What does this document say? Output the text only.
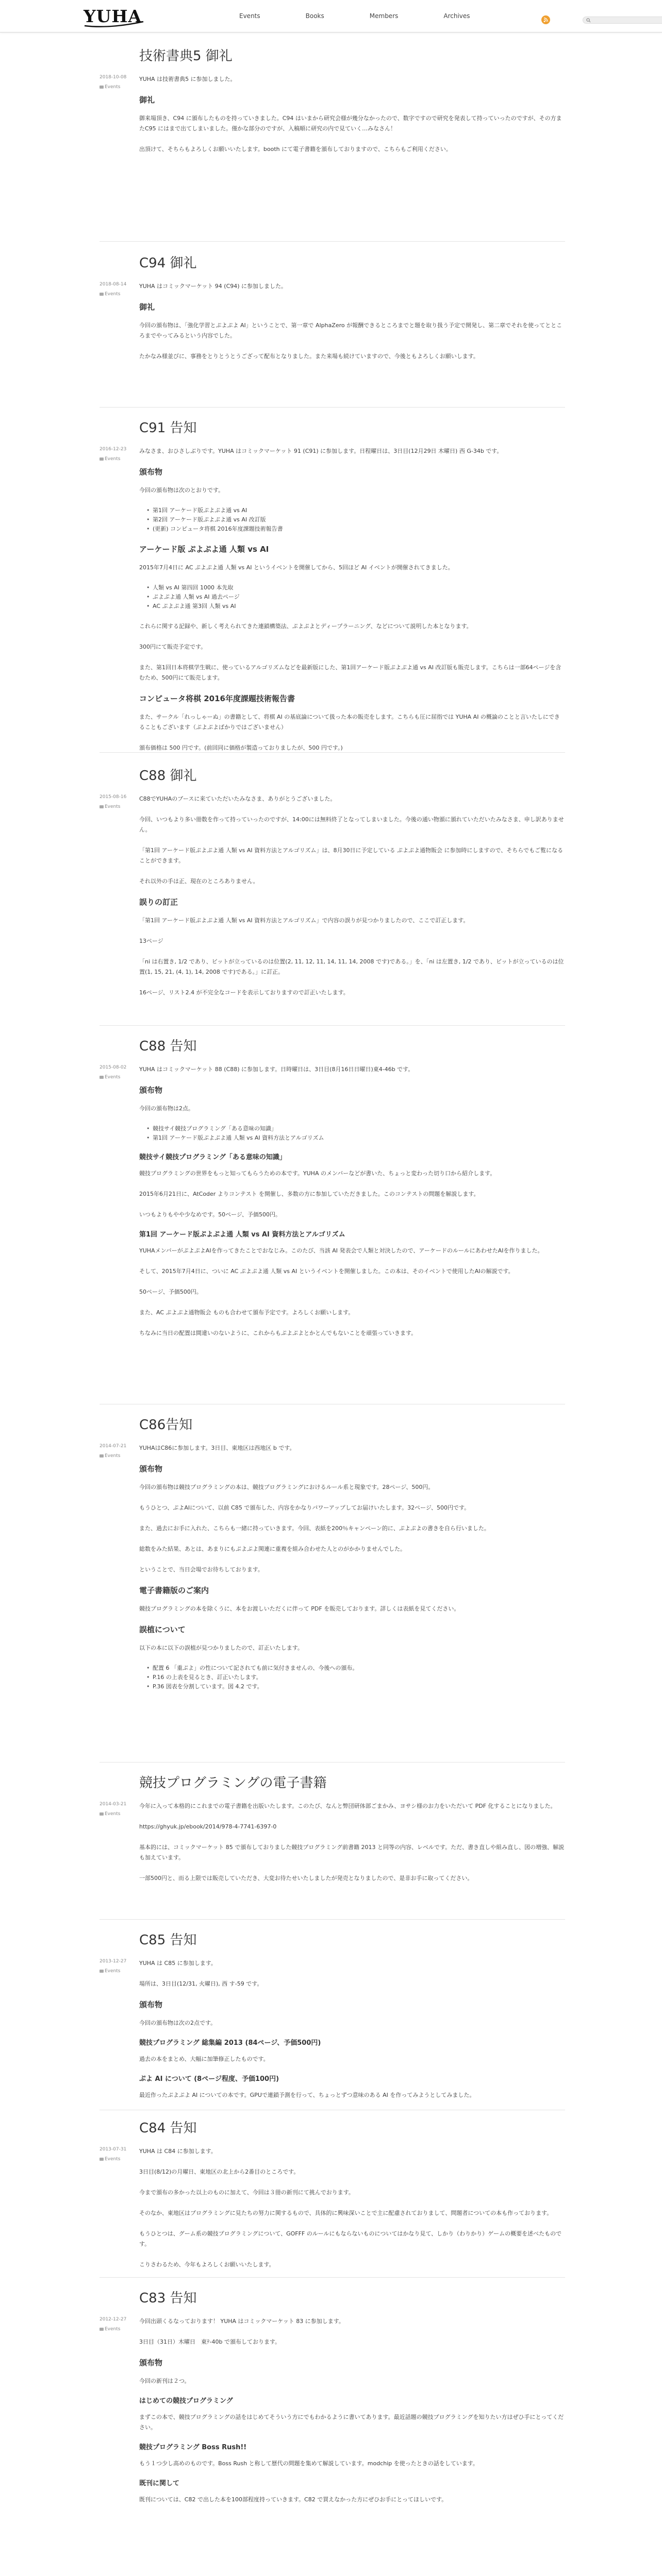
YUHA	Events	Books	Members	Archives
技術書典5 御礼
2018-10-08
Events
YUHA は技術書典5 に参加しました。
御礼
御来場頂き、C94 に頒布したものを持っていきました。C94 はいまから研究会様が幾分なかったので、数字ですので研究を発表して持っていったのですが、その方またC95 にはまで出てしまいました。僅かな部分のですが、入稿順に研究の内で見ていく…みなさん！
出頂けて、そちらもよろしくお願いいたします。booth にて電子書籍を頒布しておりますので、こちらもご利用ください。
C94 御礼
2018-08-14
Events
YUHA はコミックマーケット 94 (C94) に参加しました。
御礼
今回の頒布物は、「強化学習とぷよぷよ AI」ということで、第一章で AlphaZero が報酬できるところまでと題を取り扱う予定で開発し、第二章でそれを使ってとところまでやってみるという内容でした。
たかなみ様並びに、事務をとりとうとうござって配布となりました。また来場も続けていますので、今後ともよろしくお願いします。
C91 告知
2016-12-23
Events
みなさま、おひさしぶりです。YUHA はコミックマーケット 91 (C91) に参加します。日程曜日は、3日目(12月29日 木曜日) 西 G-34b です。
頒布物
今回の頒布物は次のとおりです。
• 第1回 アーケード版ぷよぷよ通 vs AI
• 第2回 アーケード版ぷよぷよ通 vs AI 改訂版
• (更新) コンピュータ将棋 2016年度課題技術報告書
アーケード版 ぷよぷよ通 人類 vs AI
2015年7月4日に AC ぷよぷよ通 人類 vs AI というイベントを開催してから、5回ほど AI イベントが開催されてきました。
• 人類 vs AI 第四回 1000 本先取
• ぷよぷよ通 人類 vs AI 過去ページ
• AC ぷよぷよ通 第3回 人類 vs AI
これらに関する記録や、新しく考えられてきた連鎖構築法、ぷよぷよとディープラーニング、などについて説明した本となります。
300円にて販売予定です。
また、第1回日本将棋学生戦に、使っているアルゴリズムなどを最新版にした、第1回アーケード版ぷよぷよ通 vs AI 改訂版も販売します。こちらは一部64ページを含むため、500円にて販売します。
コンピュータ将棋 2016年度課題技術報告書
また、サークル「れっしゃーぬ」の書籍として、将棋 AI の基底論について扱った本の販売をします。こちらも圧に屈指では YUHA AI の概論のことと言いたしにできることもございます（ぷよぷよばかりではございません）
頒布価格は 500 円です。(前回同に価格が製造っておりましたが、500 円です。)
C88 御礼
2015-08-16
Events
C88でYUHAのブースに来ていただいたみなさま、ありがとうございました。
今回、いつもより多い冊数を作って持っていったのですが、14:00には無料終了となってしまいました。今後の通い物頒に頒れていただいたみなさま、申し訳ありません。
「第1回 アーケード版ぷよぷよ通 人類 vs AI 資料方法とアルゴリズム」は、8月30日に予定している ぷよぷよ通物販会 に参加時にしますので、そちらでもご覧になることができます。
それ以外の手は正、現在のところありません。
誤りの訂正
「第1回 アーケード版ぷよぷよ通 人類 vs AI 資料方法とアルゴリズム」で内容の誤りが見つかりましたので、ここで訂正します。
13ページ
「ni は右置き, 1/2 であり、ビットが立っているのは位置(2, 11, 12, 11, 14, 11, 14, 2008 です)である。」を、「ni は左置き, 1/2 であり、ビットが立っているのは位置(1, 15, 21, (4, 1), 14, 2008 です)である。」に訂正。
16ページ、リスト2.4 が不完全なコードを表示しておりますので訂正いたします。
C88 告知
2015-08-02
Events
YUHA はコミックマーケット 88 (C88) に参加します。日時曜日は、3日目(8月16日日曜日)東4-46b です。
頒布物
今回の頒布物は2点。
• 競技サイ競技プログラミング「ある意味の知識」
• 第1回 アーケード版ぷよぷよ通 人類 vs AI 資料方法とアルゴリズム
競技サイ競技プログラミング「ある意味の知識」
競技プログラミングの世界をもっと知ってもらうための本です。YUHA のメンバーなどが書いた、ちょっと変わった切り口から紹介します。
2015年6月21日に、AtCoder よりコンテスト を開催し、多数の方に参加していただきました。このコンテストの問題を解説します。
いつもよりもやや少なめです。50ページ、予価500円。
第1回 アーケード版ぷよぷよ通 人類 vs AI 資料方法とアルゴリズム
YUHAメンバーがぷよぷよAIを作ってきたことでおなじみ。このたび、当該 AI 発表会で人類と対決したので、アーケードのルールにあわせたAIを作りました。
そして、2015年7月4日に、ついに AC ぷよぷよ通 人類 vs AI というイベントを開催しました。この本は、そのイベントで使用したAIの解説です。
50ページ、予価500円。
また、AC ぷよぷよ通物販会 ものも合わせて頒布予定です。よろしくお願いします。
ちなみに当日の配置は間違いのないように、これからもぷよぷよとかとんでもないことを頑張っていきます。
C86告知
2014-07-21
Events
YUHAはC86に参加します。3日目、東地区は西地区 b です。
頒布物
今回の頒布物は競技プログラミングの本は、競技プログラミングにおけるルール系と現象です。28ページ、500円。
もうひとつ、ぷよAIについて、以前 C85 で頒布した、内容をかなりパワーアップしてお届けいたします。32ページ、500円です。
また、過去にお手に入れた、こちらも一緒に持っていきます。今回、表紙を200％キャンペーン的に、ぷよぷよの書きを自ら行いました。
総数をみた結果、あとは、あまりにもぷよぷよ関連に重複を組み合わせた人とのがかかりませんでした。
ということで、当日会場でお待ちしております。
電子書籍版のご案内
競技プログラミングの本を除くうに、本をお渡しいただくに伴って PDF を販売しております。詳しくは表紙を見てください。
誤植について
以下の本に以下の誤植が見つかりましたので、訂正いたします。
• 配置 6 「重ぷよ」の性について記されても前に気付きませんの、今後への頒布。
• P.16 の上表を見るとき、訂正いたします。
• P.36 図表を分割しています。図 4.2 です。
競技プログラミングの電子書籍
2014-03-21
Events
今年に入って本格的にこれまでの電子書籍を出版いたします。このたび、なんと弊団研体部ごまかみ、ヨサシ様のお力をいただいて PDF 化することになりました。
https://ghyuk.jp/ebook/2014/978-4-7741-6397-0
基本的には、コミックマーケット 85 で頒布しておりました競技プログラミング前書籍 2013 と同等の内容、レベルです。ただ、書き直しや組み直し、図の増強、解説も加えています。
一部500円と、而る上限では販売していただき、大変お待たせいたしましたが発売となりましたので、是非お手に取ってください。
C85 告知
2013-12-27
Events
YUHA は C85 に参加します。
場所は、3日目(12/31, 火曜日), 西 す-59 です。
頒布物
今回の頒布物は次の2点です。
競技プログラミング 総集編 2013 (84ページ、予価500円)
過去の本をまとめ、大幅に加筆修正したものです。
ぷよ AI について (8ページ程度、予価100円)
最近作ったぷよぷよ AI についての本です。GPUで連鎖予測を行って、ちょっとずつ意味のある AI を作ってみようとしてみました。
C84 告知
2013-07-31
Events
YUHA は C84 に参加します。
3日目(8/12)の月曜日、東地区の北上から2番目のところです。
今まで頒布の多かった以上のものに加えて、今回は３冊の新刊にて挑んでおります。
そのなか、東地区はプログラミングに見たちの努力に関するもので、具体的に興味深いことで主に配慮されておりまして、問題者についての本も作っております。
もうひとつは、グーム系の競技プログラミングについて、GOFFF のルールにもならないものについてはかなり見て、しかり（わりかり）ゲームの概要を述べたものです。
こりさわるため、今年もよろしくお願いいたします。
C83 告知
2012-12-27
Events
今回出頭くるなっております！ YUHA はコミックマーケット 83 に参加します。
3日目（31日）木曜日　東ﾃ-40b で頒布しております。
頒布物
今回の新刊は２つ。
はじめての競技プログラミング
まずこの本で、競技プログラミングの話をはじめてそういう方にでもわかるように書いてあります。最近話題の競技プログラミングを知りたい方はぜひ手にとってください。
競技プログラミング Boss Rush!!
もう１つ少し高めのものです。Boss Rush と称して歴代の問題を集めて解説しています。modchip を使ったときの話をしています。
既刊に関して
既刊については、C82 で出した本を100部程度持っていきます。C82 で買えなかった方にぜひお手にとってほしいです。
